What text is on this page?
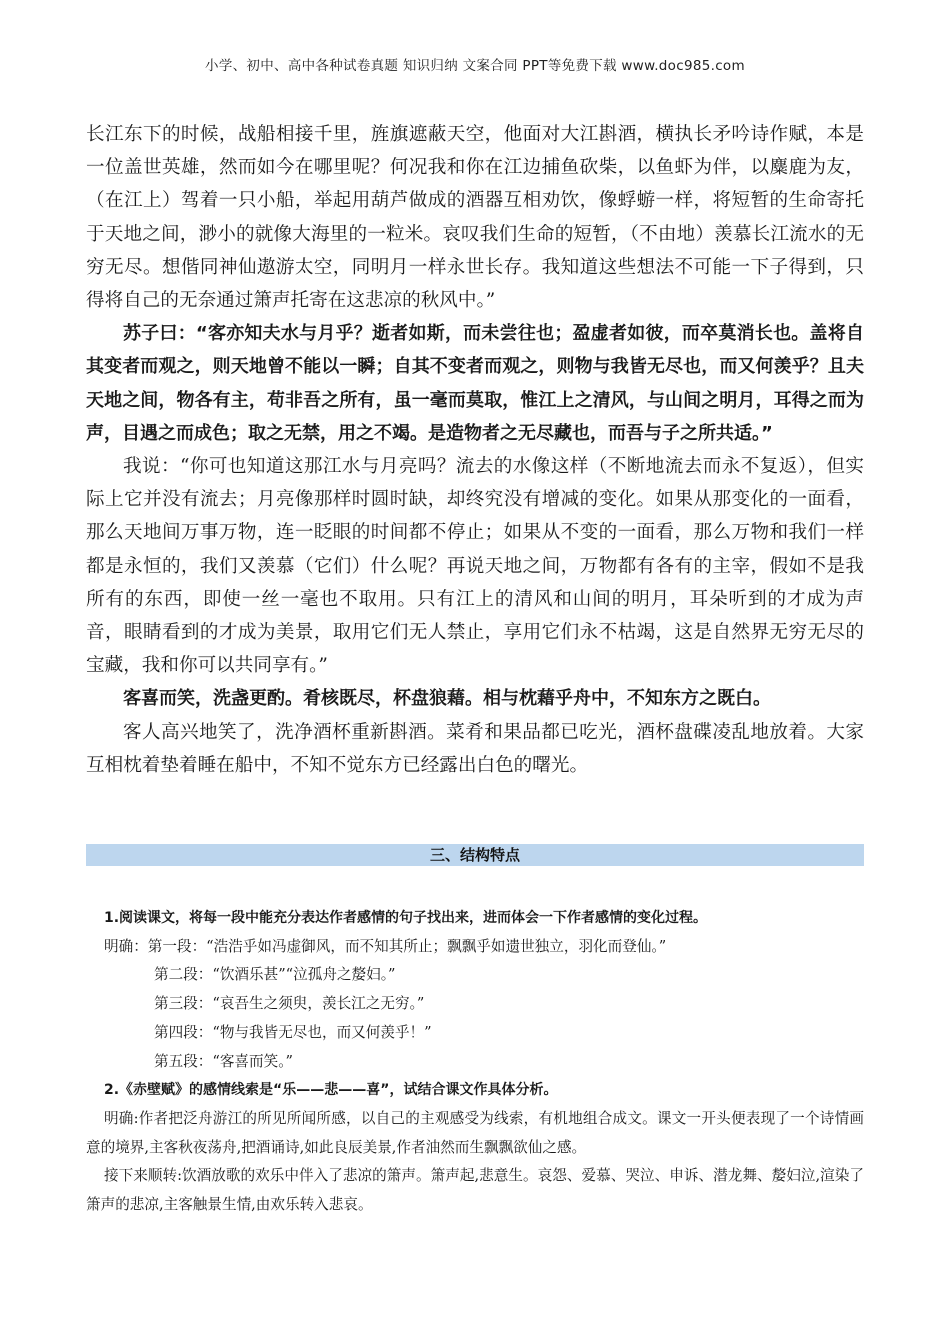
小学、初中、高中各种试卷真题 知识归纳 文案合同 PPT等免费下载 www.doc985.com

长江东下的时候，战船相接千里，旌旗遮蔽天空，他面对大江斟酒，横执长矛吟诗作赋，本是一位盖世英雄，然而如今在哪里呢？何况我和你在江边捕鱼砍柴，以鱼虾为伴，以麋鹿为友，（在江上）驾着一只小船，举起用葫芦做成的酒器互相劝饮，像蜉蝣一样，将短暂的生命寄托于天地之间，渺小的就像大海里的一粒米。哀叹我们生命的短暂，（不由地）羡慕长江流水的无穷无尽。想偕同神仙遨游太空，同明月一样永世长存。我知道这些想法不可能一下子得到，只得将自己的无奈通过箫声托寄在这悲凉的秋风中。”

苏子曰：“客亦知夫水与月乎？逝者如斯，而未尝往也；盈虚者如彼，而卒莫消长也。盖将自其变者而观之，则天地曾不能以一瞬；自其不变者而观之，则物与我皆无尽也，而又何羡乎？且夫天地之间，物各有主，苟非吾之所有，虽一毫而莫取，惟江上之清风，与山间之明月，耳得之而为声，目遇之而成色；取之无禁，用之不竭。是造物者之无尽藏也，而吾与子之所共适。”

我说：“你可也知道这那江水与月亮吗？流去的水像这样（不断地流去而永不复返），但实际上它并没有流去；月亮像那样时圆时缺，却终究没有增减的变化。如果从那变化的一面看，那么天地间万事万物，连一眨眼的时间都不停止；如果从不变的一面看，那么万物和我们一样都是永恒的，我们又羡慕（它们）什么呢？再说天地之间，万物都有各有的主宰，假如不是我所有的东西，即使一丝一毫也不取用。只有江上的清风和山间的明月，耳朵听到的才成为声音，眼睛看到的才成为美景，取用它们无人禁止，享用它们永不枯竭，这是自然界无穷无尽的宝藏，我和你可以共同享有。”

客喜而笑，洗盏更酌。肴核既尽，杯盘狼藉。相与枕藉乎舟中，不知东方之既白。

客人高兴地笑了，洗净酒杯重新斟酒。菜肴和果品都已吃光，酒杯盘碟凌乱地放着。大家互相枕着垫着睡在船中，不知不觉东方已经露出白色的曙光。

三、结构特点

1.阅读课文，将每一段中能充分表达作者感情的句子找出来，进而体会一下作者感情的变化过程。

明确：第一段：“浩浩乎如冯虚御风，而不知其所止；飘飘乎如遗世独立，羽化而登仙。”

第二段：“饮酒乐甚”“泣孤舟之嫠妇。”

第三段：“哀吾生之须臾，羡长江之无穷。”

第四段：“物与我皆无尽也，而又何羡乎！”

第五段：“客喜而笑。”

2.《赤壁赋》的感情线索是“乐——悲——喜”，试结合课文作具体分析。

明确:作者把泛舟游江的所见所闻所感，以自己的主观感受为线索，有机地组合成文。课文一开头便表现了一个诗情画意的境界,主客秋夜荡舟,把酒诵诗,如此良辰美景,作者油然而生飘飘欲仙之感。

接下来顺转:饮酒放歌的欢乐中伴入了悲凉的箫声。箫声起,悲意生。哀怨、爱慕、哭泣、申诉、潜龙舞、嫠妇泣,渲染了箫声的悲凉,主客触景生情,由欢乐转入悲哀。
